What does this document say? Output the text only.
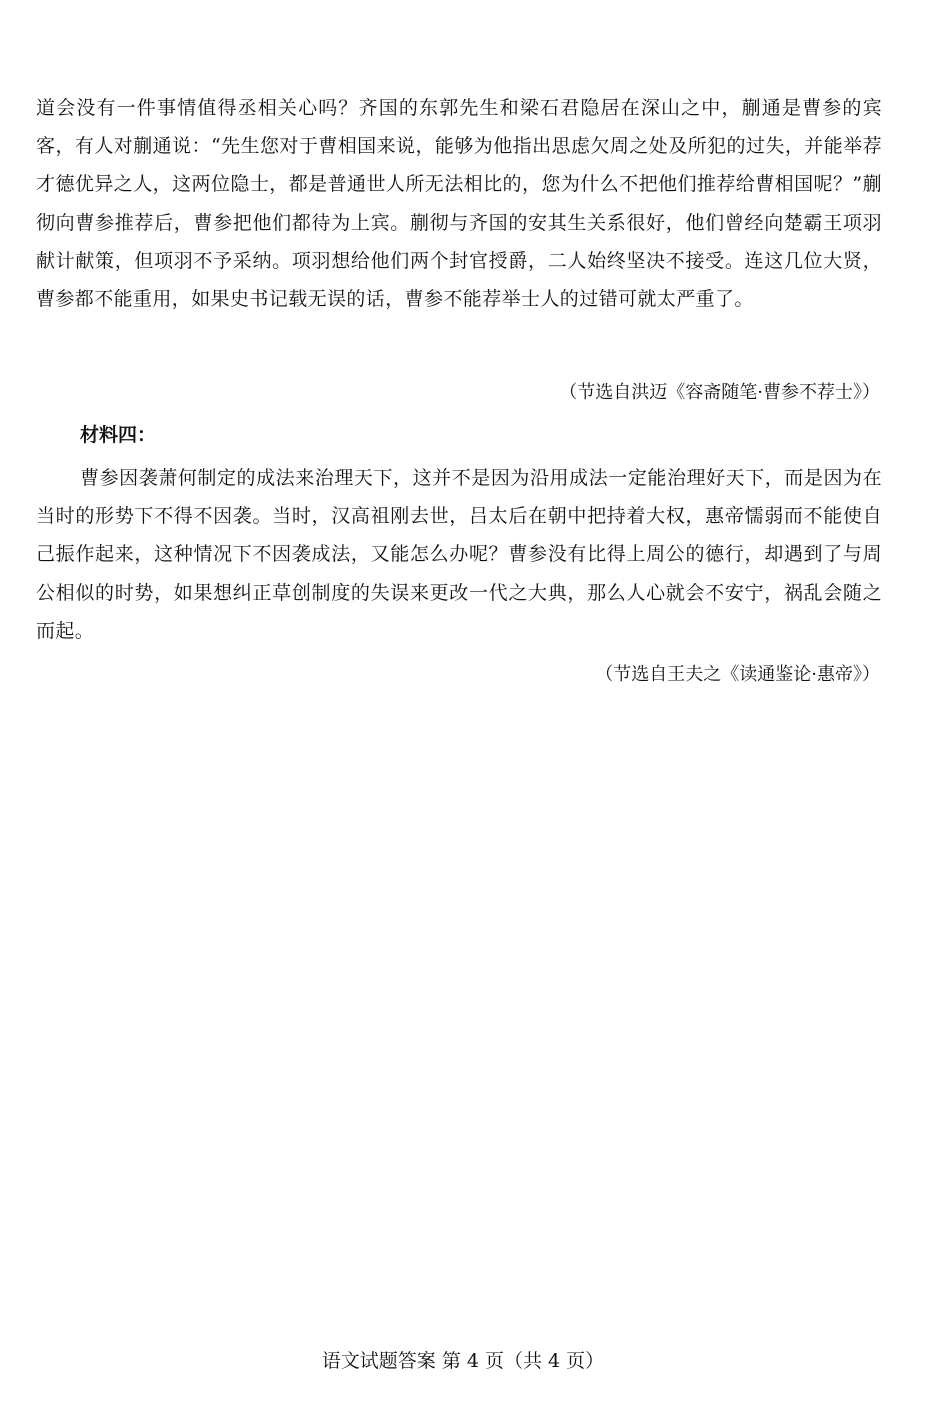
道会没有一件事情值得丞相关心吗？齐国的东郭先生和梁石君隐居在深山之中，蒯通是曹参的宾客，有人对蒯通说：“先生您对于曹相国来说，能够为他指出思虑欠周之处及所犯的过失，并能举荐才德优异之人，这两位隐士，都是普通世人所无法相比的，您为什么不把他们推荐给曹相国呢？”蒯彻向曹参推荐后，曹参把他们都待为上宾。蒯彻与齐国的安其生关系很好，他们曾经向楚霸王项羽献计献策，但项羽不予采纳。项羽想给他们两个封官授爵，二人始终坚决不接受。连这几位大贤，曹参都不能重用，如果史书记载无误的话，曹参不能荐举士人的过错可就太严重了。

（节选自洪迈《容斋随笔·曹参不荐士》）

材料四：

曹参因袭萧何制定的成法来治理天下，这并不是因为沿用成法一定能治理好天下，而是因为在当时的形势下不得不因袭。当时，汉高祖刚去世，吕太后在朝中把持着大权，惠帝懦弱而不能使自己振作起来，这种情况下不因袭成法，又能怎么办呢？曹参没有比得上周公的德行，却遇到了与周公相似的时势，如果想纠正草创制度的失误来更改一代之大典，那么人心就会不安宁，祸乱会随之而起。

（节选自王夫之《读通鉴论·惠帝》）

语文试题答案 第 4 页（共 4 页）
